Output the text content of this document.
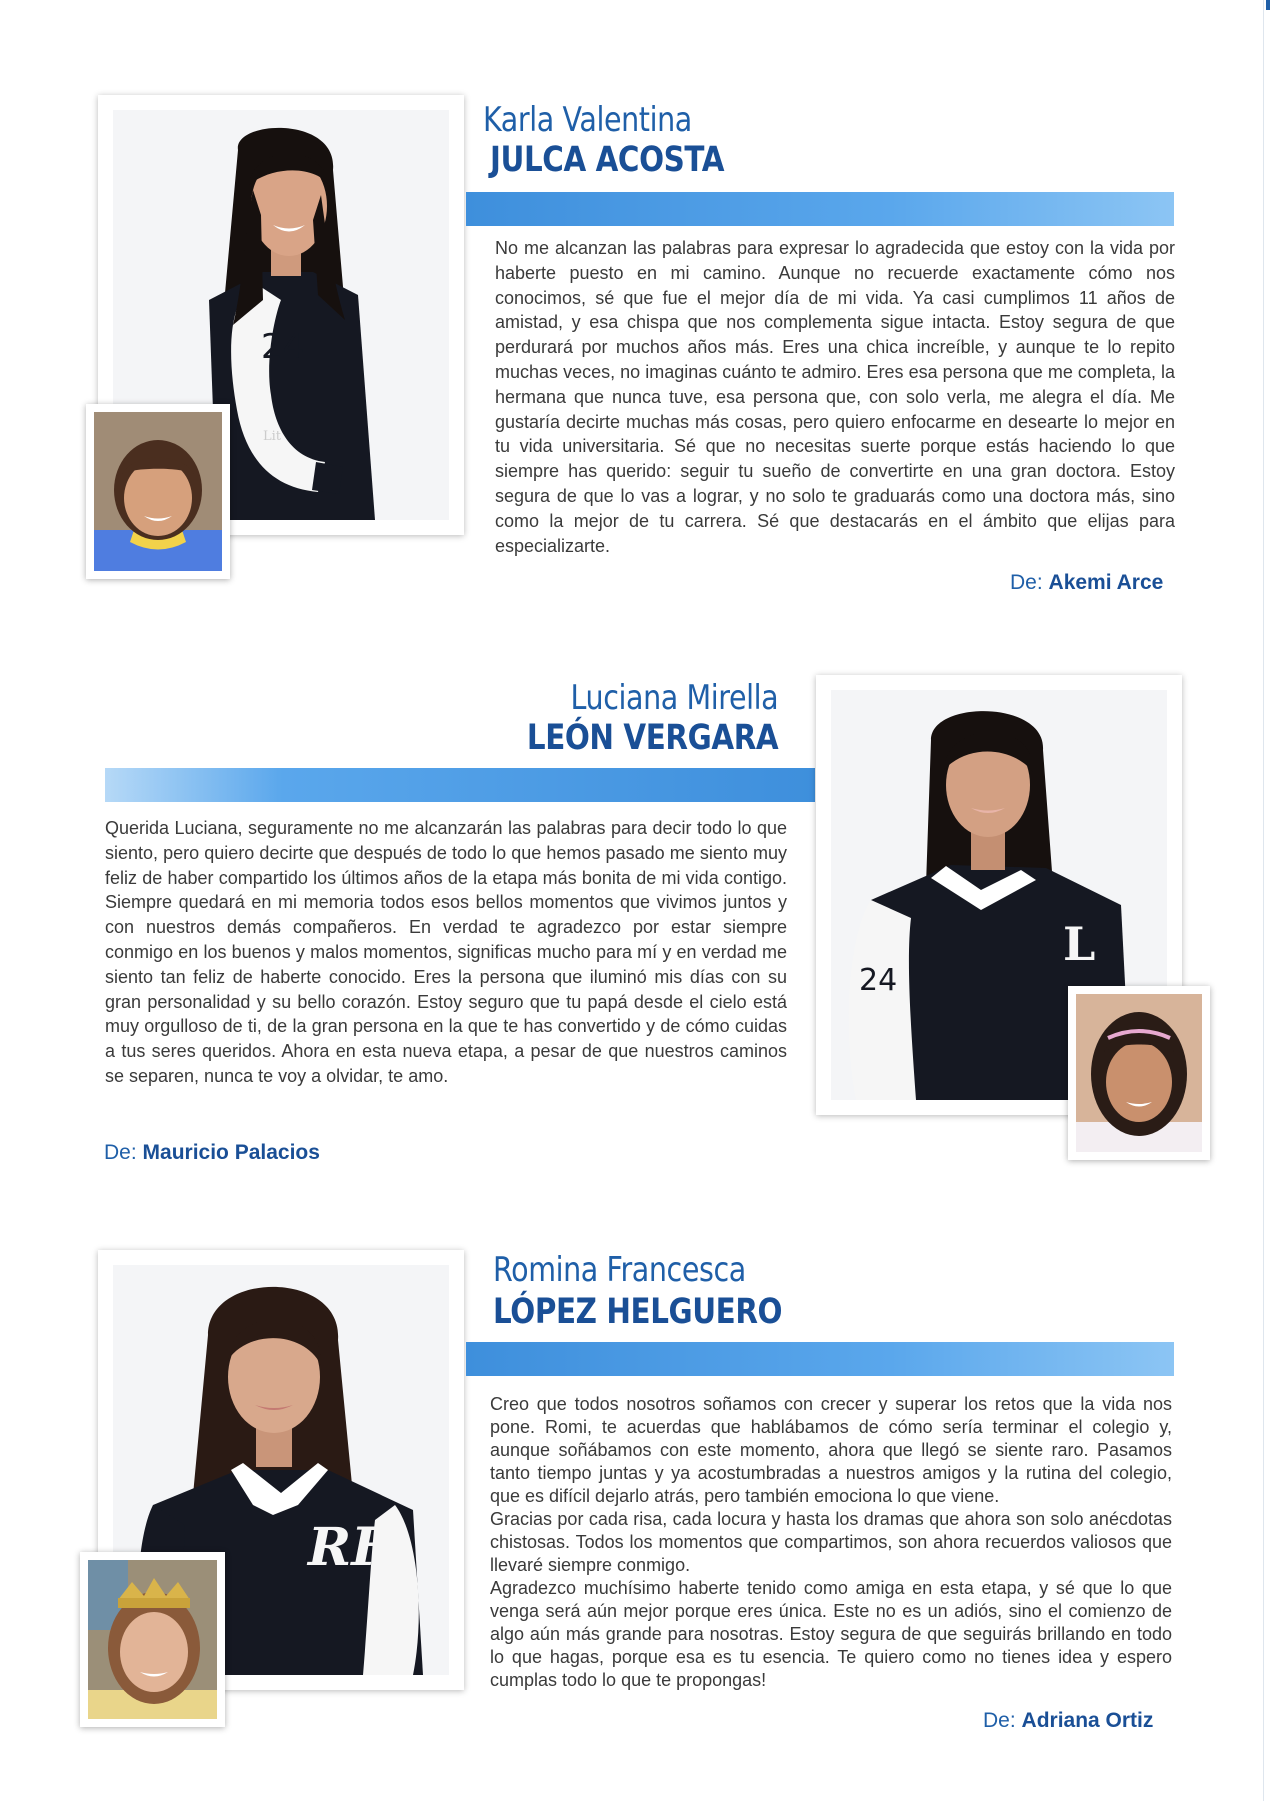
24
Lit
Karla Valentina
JULCA ACOSTA

No me alcanzan las palabras para expresar lo agradecida que estoy con la vida por haberte puesto en mi camino. Aunque no recuerde exactamente cómo nos conocimos, sé que fue el mejor día de mi vida. Ya casi cumplimos 11 años de amistad, y esa chispa que nos complementa sigue intacta. Estoy segura de que perdurará por muchos años más. Eres una chica increíble, y aunque te lo repito muchas veces, no imaginas cuánto te admiro. Eres esa persona que me completa, la hermana que nunca tuve, esa persona que, con solo verla, me alegra el día. Me gustaría decirte muchas más cosas, pero quiero enfocarme en desearte lo mejor en tu vida universitaria. Sé que no necesitas suerte porque estás haciendo lo que siempre has querido: seguir tu sueño de convertirte en una gran doctora. Estoy segura de que lo vas a lograr, y no solo te graduarás como una doctora más, sino como la mejor de tu carrera. Sé que destacarás en el ámbito que elijas para especializarte.

De: Akemi Arce
Luciana Mirella
LEÓN VERGARA

Querida Luciana, seguramente no me alcanzarán las palabras para decir todo lo que siento, pero quiero decirte que después de todo lo que hemos pasado me siento muy feliz de haber compartido los últimos años de la etapa más bonita de mi vida contigo. Siempre quedará en mi memoria todos esos bellos momentos que vivimos juntos y con nuestros demás compañeros. En verdad te agradezco por estar siempre conmigo en los buenos y malos momentos, significas mucho para mí y en verdad me siento tan feliz de haberte conocido. Eres la persona que iluminó mis días con su gran personalidad y su bello corazón. Estoy seguro que tu papá desde el cielo está muy orgulloso de ti, de la gran persona en la que te has convertido y de cómo cuidas a tus seres queridos. Ahora en esta nueva etapa, a pesar de que nuestros caminos se separen, nunca te voy a olvidar, te amo.

De: Mauricio Palacios
24
L
RF
Romina Francesca
LÓPEZ HELGUERO

Creo que todos nosotros soñamos con crecer y superar los retos que la vida nos pone. Romi, te acuerdas que hablábamos de cómo sería terminar el colegio y, aunque soñábamos con este momento, ahora que llegó se siente raro. Pasamos tanto tiempo juntas y ya acostumbradas a nuestros amigos y la rutina del colegio, que es difícil dejarlo atrás, pero también emociona lo que viene.

Gracias por cada risa, cada locura y hasta los dramas que ahora son solo anécdotas chistosas. Todos los momentos que compartimos, son ahora recuerdos valiosos que llevaré siempre conmigo.

Agradezco muchísimo haberte tenido como amiga en esta etapa, y sé que lo que venga será aún mejor porque eres única. Este no es un adiós, sino el comienzo de algo aún más grande para nosotras. Estoy segura de que seguirás brillando en todo lo que hagas, porque esa es tu esencia. Te quiero como no tienes idea y espero cumplas todo lo que te propongas!

De: Adriana Ortiz
